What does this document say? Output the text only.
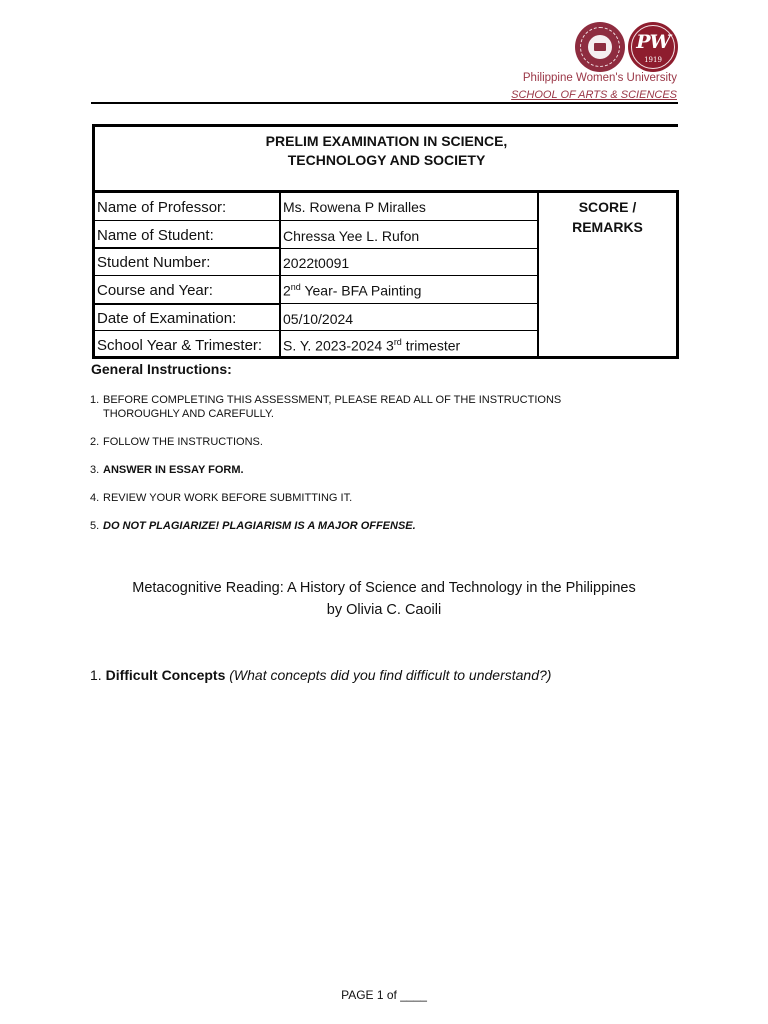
PW
1919
Philippine Women's University
SCHOOL OF ARTS & SCIENCES
PRELIM EXAMINATION IN SCIENCE,
TECHNOLOGY AND SOCIETY
Name of Professor:	Ms. Rowena P Miralles
Name of Student:	Chressa Yee L. Rufon
Student Number:	2022t0091
Course and Year:	2nd Year- BFA Painting
Date of Examination:	05/10/2024
School Year & Trimester: S. Y. 2023-2024 3rd trimester
SCORE /
REMARKS
General Instructions:
1. BEFORE COMPLETING THIS ASSESSMENT, PLEASE READ ALL OF THE INSTRUCTIONS
THOROUGHLY AND CAREFULLY.
2. FOLLOW THE INSTRUCTIONS.
3. ANSWER IN ESSAY FORM.
4. REVIEW YOUR WORK BEFORE SUBMITTING IT.
5. DO NOT PLAGIARIZE! PLAGIARISM IS A MAJOR OFFENSE.
Metacognitive Reading: A History of Science and Technology in the Philippines
by Olivia C. Caoili
1. Difficult Concepts (What concepts did you find difficult to understand?)
PAGE 1 of ____
